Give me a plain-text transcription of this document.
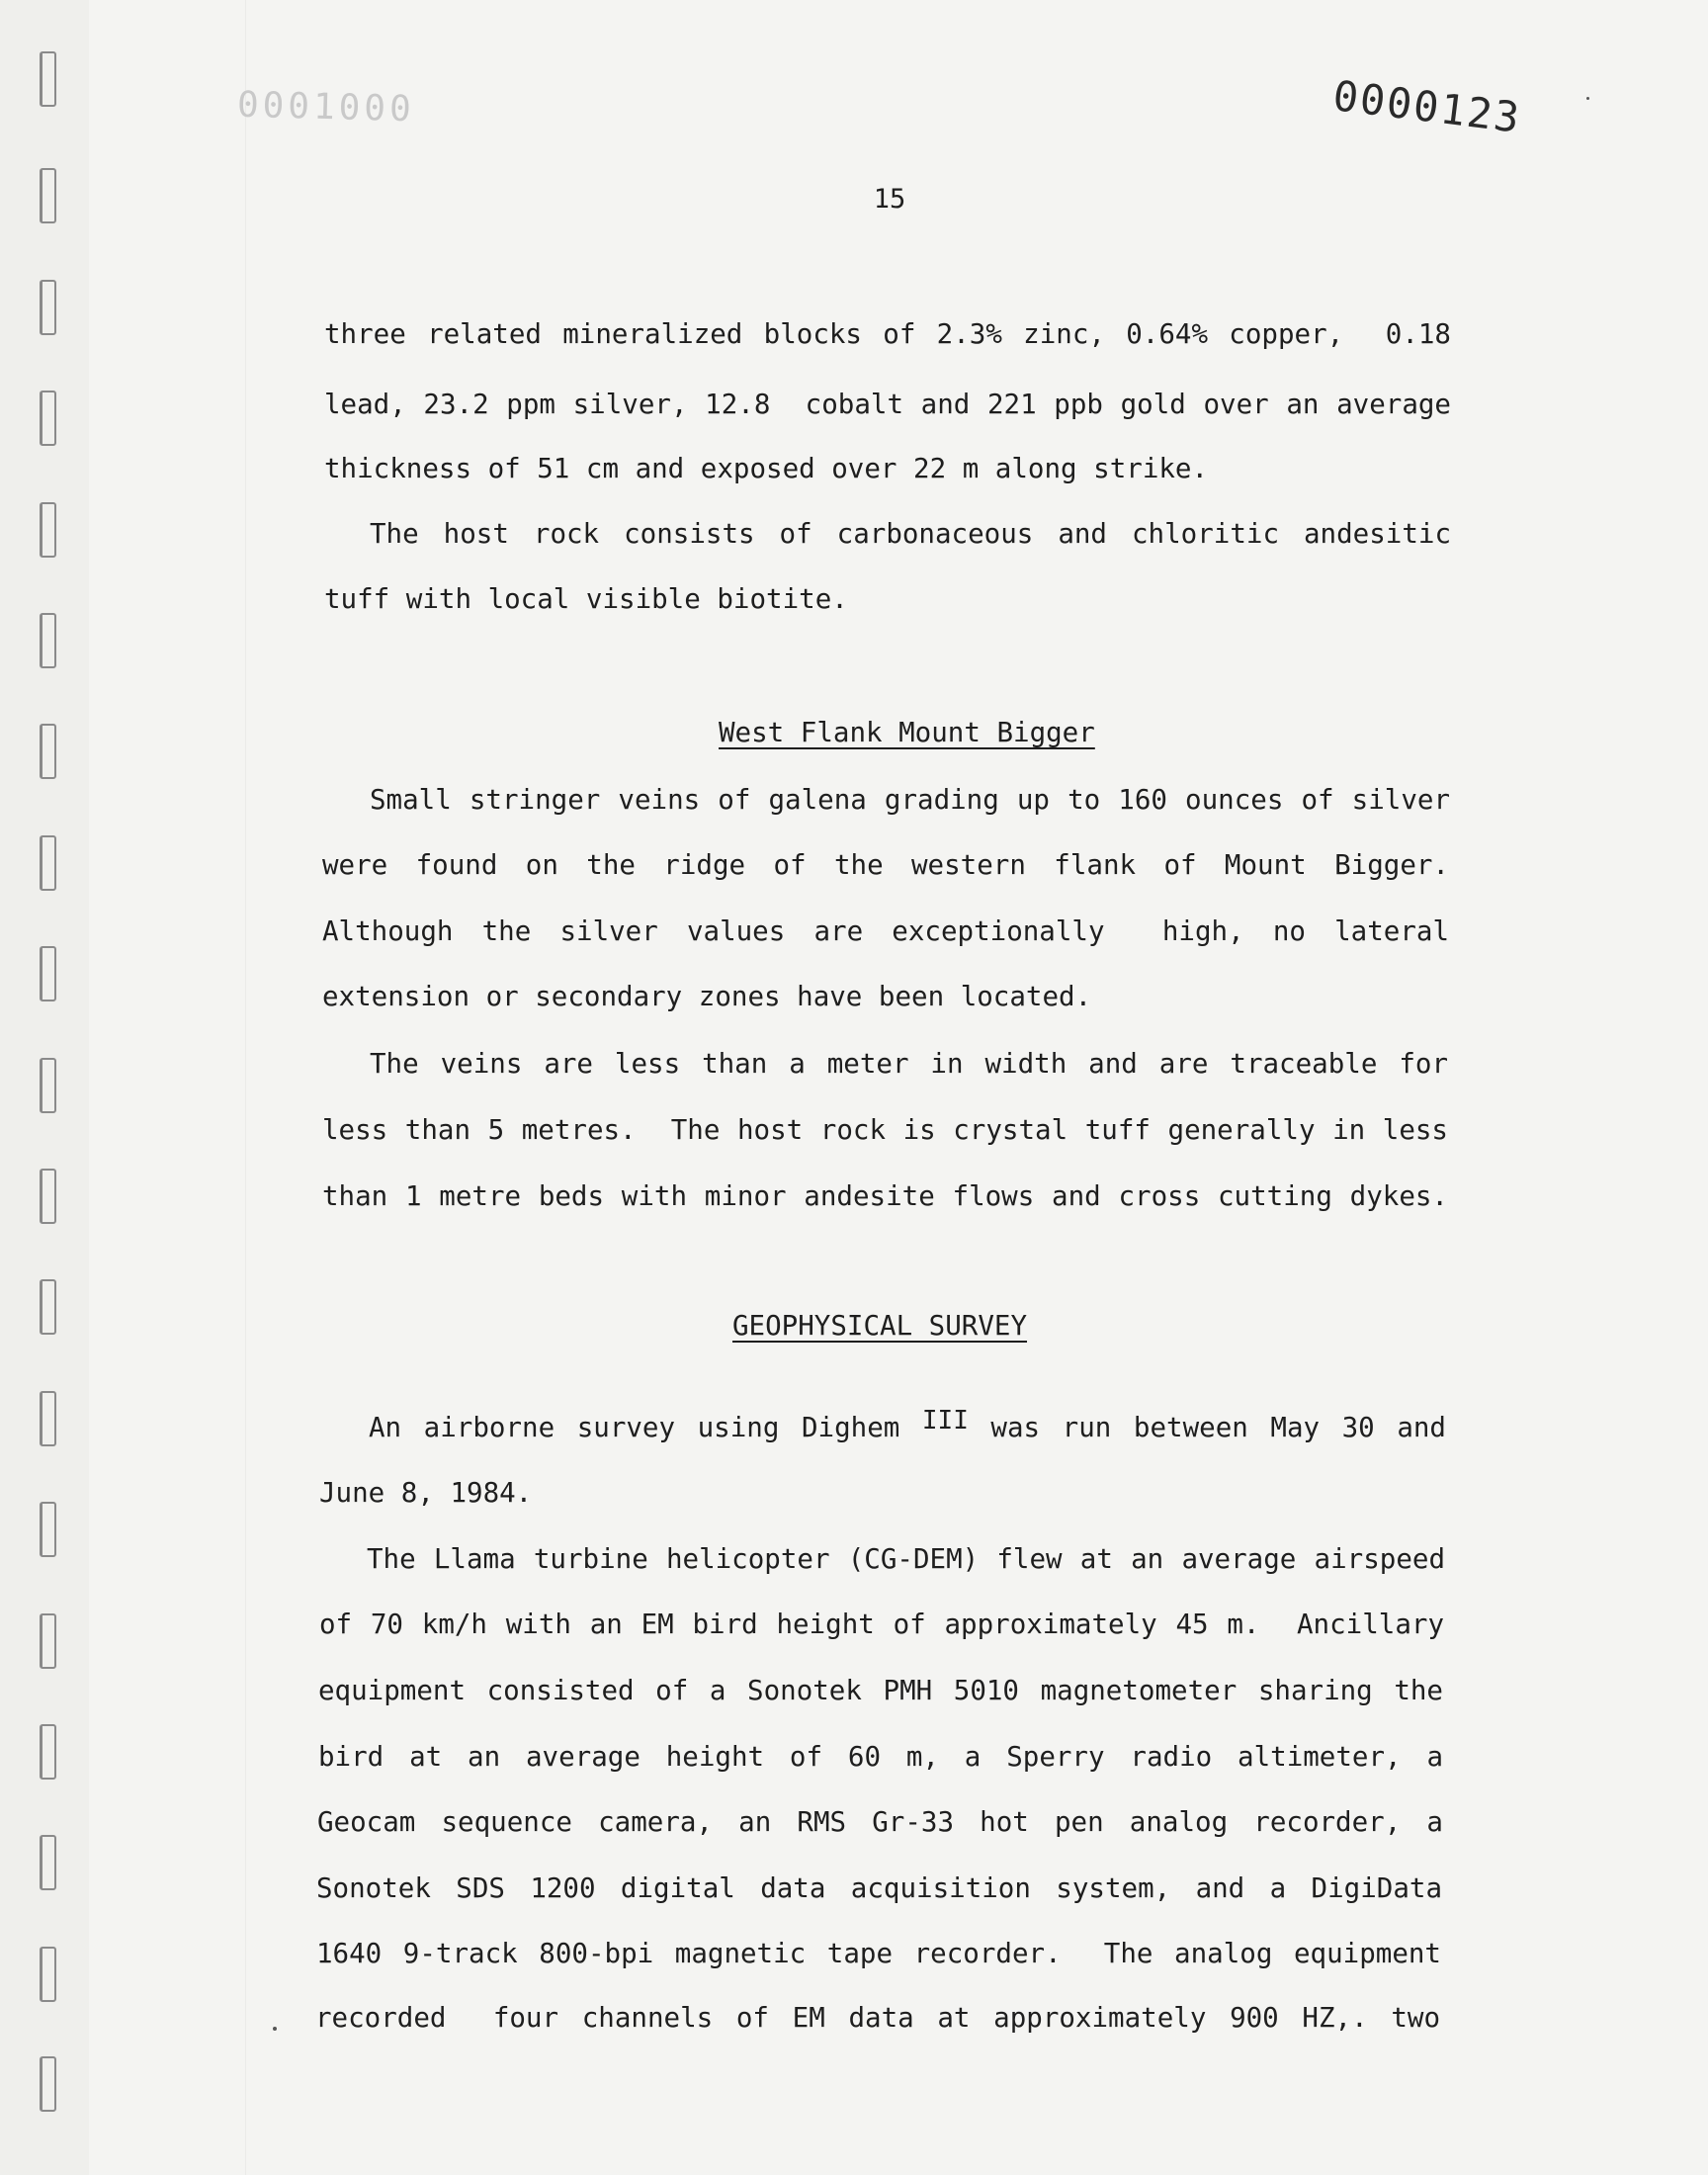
0001000	0000123
15
three related mineralized blocks of 2.3% zinc, 0.64% copper,  0.18
lead, 23.2 ppm silver, 12.8  cobalt and 221 ppb gold over an average
thickness of 51 cm and exposed over 22 m along strike.
The host rock consists of carbonaceous and chloritic andesitic
tuff with local visible biotite.
West Flank Mount Bigger
Small stringer veins of galena grading up to 160 ounces of silver
were found on the ridge of the western flank of Mount Bigger.
Although the silver values are exceptionally  high, no lateral
extension or secondary zones have been located.
The veins are less than a meter in width and are traceable for
less than 5 metres.  The host rock is crystal tuff generally in less
than 1 metre beds with minor andesite flows and cross cutting dykes.
GEOPHYSICAL SURVEY
An airborne survey using Dighem $^{III}$ was run between May 30 and
June 8, 1984.
The Llama turbine helicopter (CG-DEM) flew at an average airspeed
of 70 km/h with an EM bird height of approximately 45 m.  Ancillary
equipment consisted of a Sonotek PMH 5010 magnetometer sharing the
bird at an average height of 60 m, a Sperry radio altimeter, a
Geocam sequence camera, an RMS Gr-33 hot pen analog recorder, a
Sonotek SDS 1200 digital data acquisition system, and a DigiData
1640 9-track 800-bpi magnetic tape recorder.  The analog equipment
recorded  four channels of EM data at approximately 900 HZ,. two
